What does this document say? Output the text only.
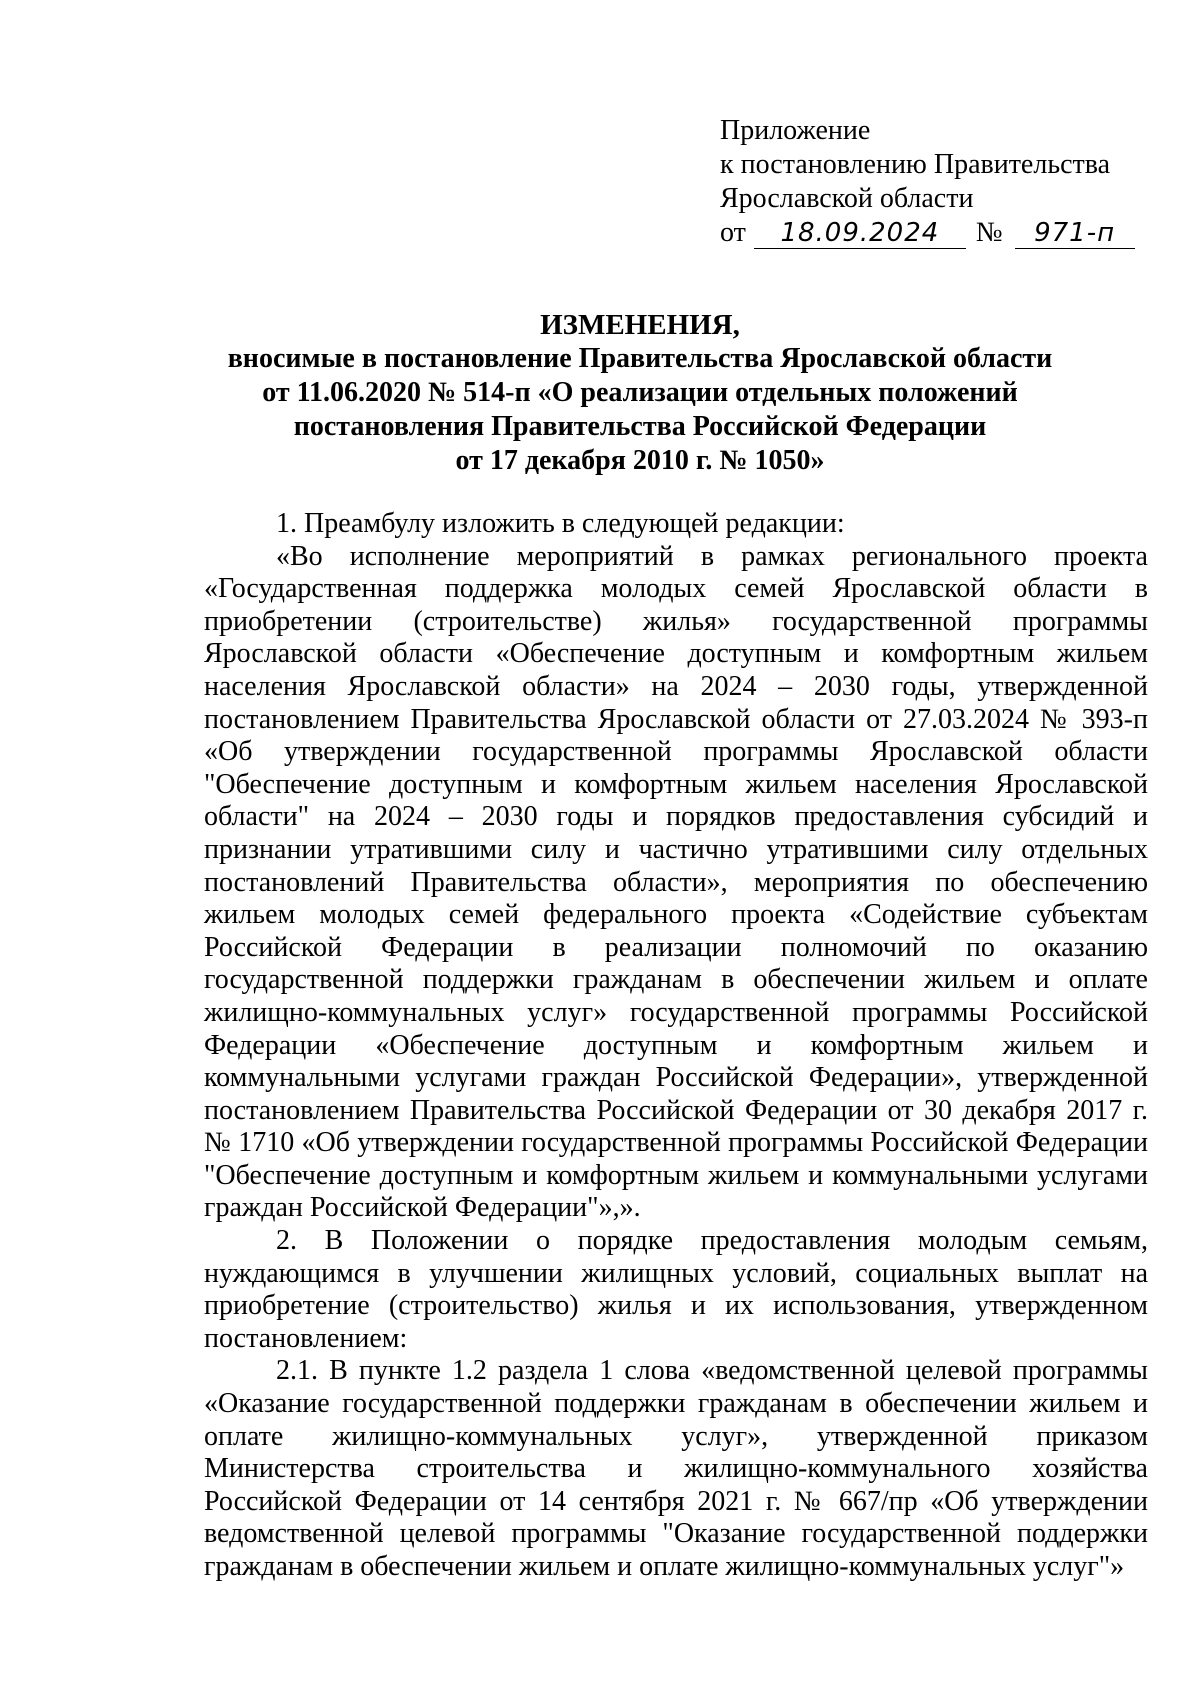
Приложение
к постановлению Правительства
Ярославской области
от	18.09.2024	№	971-п
ИЗМЕНЕНИЯ,
вносимые в постановление Правительства Ярославской области
от 11.06.2020 № 514-п «О реализации отдельных положений
постановления Правительства Российской Федерации
от 17 декабря 2010 г. № 1050»

1. Преамбулу изложить в следующей редакции:

«Во исполнение мероприятий в рамках регионального проекта «Государственная поддержка молодых семей Ярославской области в приобретении (строительстве) жилья» государственной программы Ярославской области «Обеспечение доступным и комфортным жильем населения Ярославской области» на 2024 – 2030 годы, утвержденной постановлением Правительства Ярославской области от 27.03.2024 № 393-п «Об утверждении государственной программы Ярославской области "Обеспечение доступным и комфортным жильем населения Ярославской области" на 2024 – 2030 годы и порядков предоставления субсидий и признании утратившими силу и частично утратившими силу отдельных постановлений Правительства области», мероприятия по обеспечению жильем молодых семей федерального проекта «Содействие субъектам Российской Федерации в реализации полномочий по оказанию государственной поддержки гражданам в обеспечении жильем и оплате жилищно-коммунальных услуг» государственной программы Российской Федерации «Обеспечение доступным и комфортным жильем и коммунальными услугами граждан Российской Федерации», утвержденной постановлением Правительства Российской Федерации от 30 декабря 2017 г. № 1710 «Об утверждении государственной программы Российской Федерации "Обеспечение доступным и комфортным жильем и коммунальными услугами граждан Российской Федерации"»,».

2. В Положении о порядке предоставления молодым семьям, нуждающимся в улучшении жилищных условий, социальных выплат на приобретение (строительство) жилья и их использования, утвержденном постановлением:

2.1. В пункте 1.2 раздела 1 слова «ведомственной целевой программы «Оказание государственной поддержки гражданам в обеспечении жильем и оплате жилищно-коммунальных услуг», утвержденной приказом Министерства строительства и жилищно-коммунального хозяйства Российской Федерации от 14 сентября 2021 г. № 667/пр «Об утверждении ведомственной целевой программы "Оказание государственной поддержки гражданам в обеспечении жильем и оплате жилищно-коммунальных услуг"»
